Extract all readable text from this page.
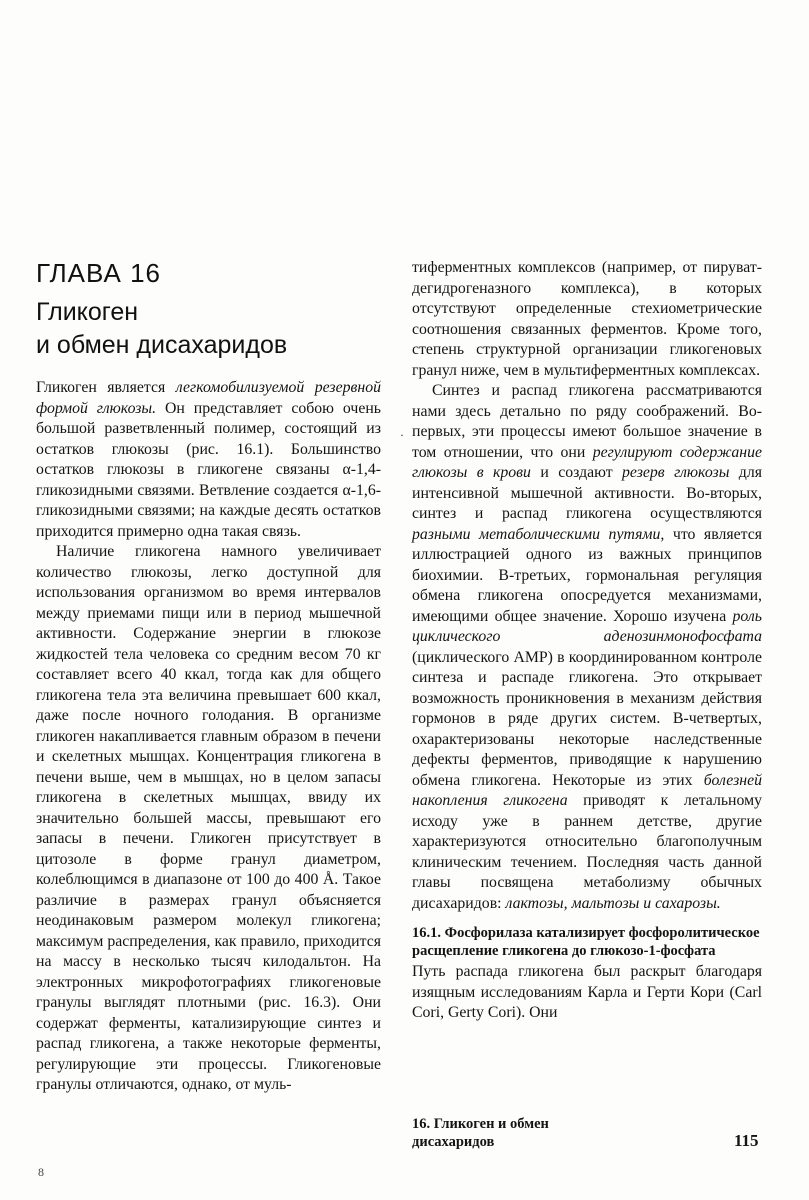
ГЛАВА 16
Гликоген
и обмен дисахаридов

Гликоген является легкомобилизуемой резервной формой глюкозы. Он представляет собою очень большой разветвленный полимер, состоящий из остатков глюкозы (рис. 16.1). Большинство остатков глюкозы в гликогене связаны α-1,4-гликозидными связями. Ветвление создается α-1,6-гликозидными связями; на каждые десять остатков приходится примерно одна такая связь.

Наличие гликогена намного увеличивает количество глюкозы, легко доступной для использования организмом во время интервалов между приемами пищи или в период мышечной активности. Содержание энергии в глюкозе жидкостей тела человека со средним весом 70 кг составляет всего 40 ккал, тогда как для общего гликогена тела эта величина превышает 600 ккал, даже после ночного голодания. В организме гликоген накапливается главным образом в печени и скелетных мышцах. Концентрация гликогена в печени выше, чем в мышцах, но в целом запасы гликогена в скелетных мышцах, ввиду их значительно большей массы, превышают его запасы в печени. Гликоген присутствует в цитозоле в форме гранул диаметром, колеблющимся в диапазоне от 100 до 400 Å. Такое различие в размерах гранул объясняется неодинаковым размером молекул гликогена; максимум распределения, как правило, приходится на массу в несколько тысяч килодальтон. На электронных микрофотографиях гликогеновые гранулы выглядят плотными (рис. 16.3). Они содержат ферменты, катализирующие синтез и распад гликогена, а также некоторые ферменты, регулирующие эти процессы. Гликогеновые гранулы отличаются, однако, от муль-

·

тиферментных комплексов (например, от пируват-дегидрогеназного комплекса), в которых отсутствуют определенные стехиометрические соотношения связанных ферментов. Кроме того, степень структурной организации гликогеновых гранул ниже, чем в мультиферментных комплексах.

Синтез и распад гликогена рассматриваются нами здесь детально по ряду соображений. Во-первых, эти процессы имеют большое значение в том отношении, что они регулируют содержание глюкозы в крови и создают резерв глюкозы для интенсивной мышечной активности. Во-вторых, синтез и распад гликогена осуществляются разными метаболическими путями, что является иллюстрацией одного из важных принципов биохимии. В-третьих, гормональная регуляция обмена гликогена опосредуется механизмами, имеющими общее значение. Хорошо изучена роль циклического аденозинмонофосфата (циклического AMP) в координированном контроле синтеза и распаде гликогена. Это открывает возможность проникновения в механизм действия гормонов в ряде других систем. В-четвертых, охарактеризованы некоторые наследственные дефекты ферментов, приводящие к нарушению обмена гликогена. Некоторые из этих болезней накопления гликогена приводят к летальному исходу уже в раннем детстве, другие характеризуются относительно благополучным клиническим течением. Последняя часть данной главы посвящена метаболизму обычных дисахаридов: лактозы, мальтозы и сахарозы.

16.1. Фосфорилаза катализирует фосфоролитическое расщепление гликогена до глюкозо-1-фосфата

Путь распада гликогена был раскрыт благодаря изящным исследованиям Карла и Герти Кори (Carl Cori, Gerty Cori). Они

16. Гликоген и обмен дисахаридов	115
8
